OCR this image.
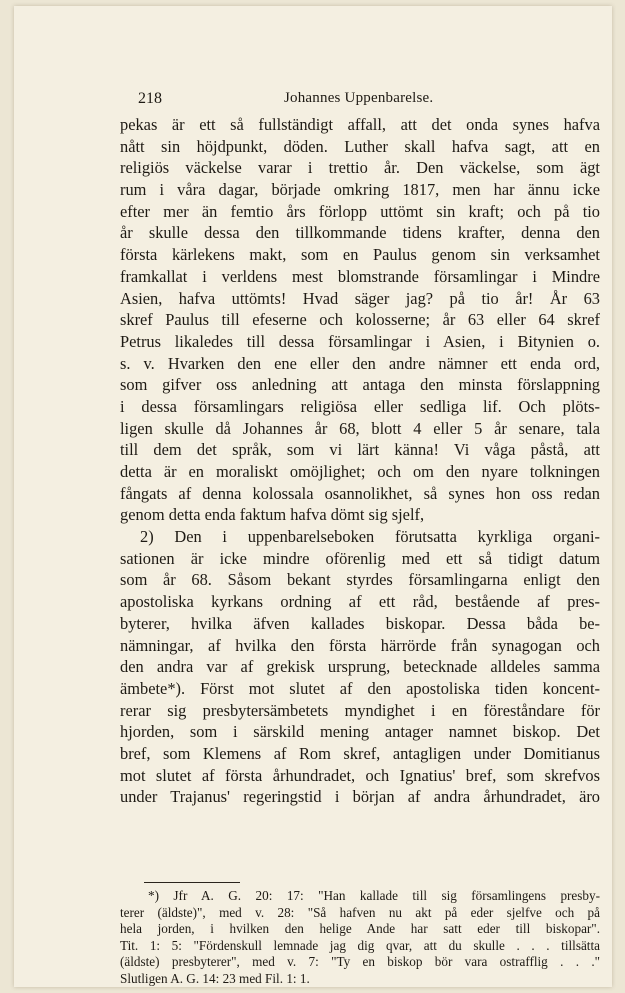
218	Johannes Uppenbarelse.
pekas är ett så fullständigt affall, att det onda synes hafva
nått sin höjdpunkt, döden. Luther skall hafva sagt, att en
religiös väckelse varar i trettio år. Den väckelse, som ägt
rum i våra dagar, började omkring 1817, men har ännu icke
efter mer än femtio års förlopp uttömt sin kraft; och på tio
år skulle dessa den tillkommande tidens krafter, denna den
första kärlekens makt, som en Paulus genom sin verksamhet
framkallat i verldens mest blomstrande församlingar i Mindre
Asien, hafva uttömts! Hvad säger jag? på tio år! År 63
skref Paulus till efeserne och kolosserne; år 63 eller 64 skref
Petrus likaledes till dessa församlingar i Asien, i Bitynien o.
s. v. Hvarken den ene eller den andre nämner ett enda ord,
som gifver oss anledning att antaga den minsta förslappning
i dessa församlingars religiösa eller sedliga lif. Och plöts-
ligen skulle då Johannes år 68, blott 4 eller 5 år senare, tala
till dem det språk, som vi lärt känna! Vi våga påstå, att
detta är en moraliskt omöjlighet; och om den nyare tolkningen
fångats af denna kolossala osannolikhet, så synes hon oss redan
genom detta enda faktum hafva dömt sig sjelf,
2) Den i uppenbarelseboken förutsatta kyrkliga organi-
sationen är icke mindre oförenlig med ett så tidigt datum
som år 68. Såsom bekant styrdes församlingarna enligt den
apostoliska kyrkans ordning af ett råd, bestående af pres-
byterer, hvilka äfven kallades biskopar. Dessa båda be-
nämningar, af hvilka den första härrörde från synagogan och
den andra var af grekisk ursprung, betecknade alldeles samma
ämbete*). Först mot slutet af den apostoliska tiden koncent-
rerar sig presbytersämbetets myndighet i en föreståndare för
hjorden, som i särskild mening antager namnet biskop. Det
bref, som Klemens af Rom skref, antagligen under Domitianus
mot slutet af första århundradet, och Ignatius' bref, som skrefvos
under Trajanus' regeringstid i början af andra århundradet, äro
*) Jfr A. G. 20: 17: "Han kallade till sig församlingens presby-
terer (äldste)", med v. 28: "Så hafven nu akt på eder sjelfve och på
hela jorden, i hvilken den helige Ande har satt eder till biskopar".
Tit. 1: 5: "Fördenskull lemnade jag dig qvar, att du skulle . . . tillsätta
(äldste) presbyterer", med v. 7: "Ty en biskop bör vara ostrafflig . . ."
Slutligen A. G. 14: 23 med Fil. 1: 1.
